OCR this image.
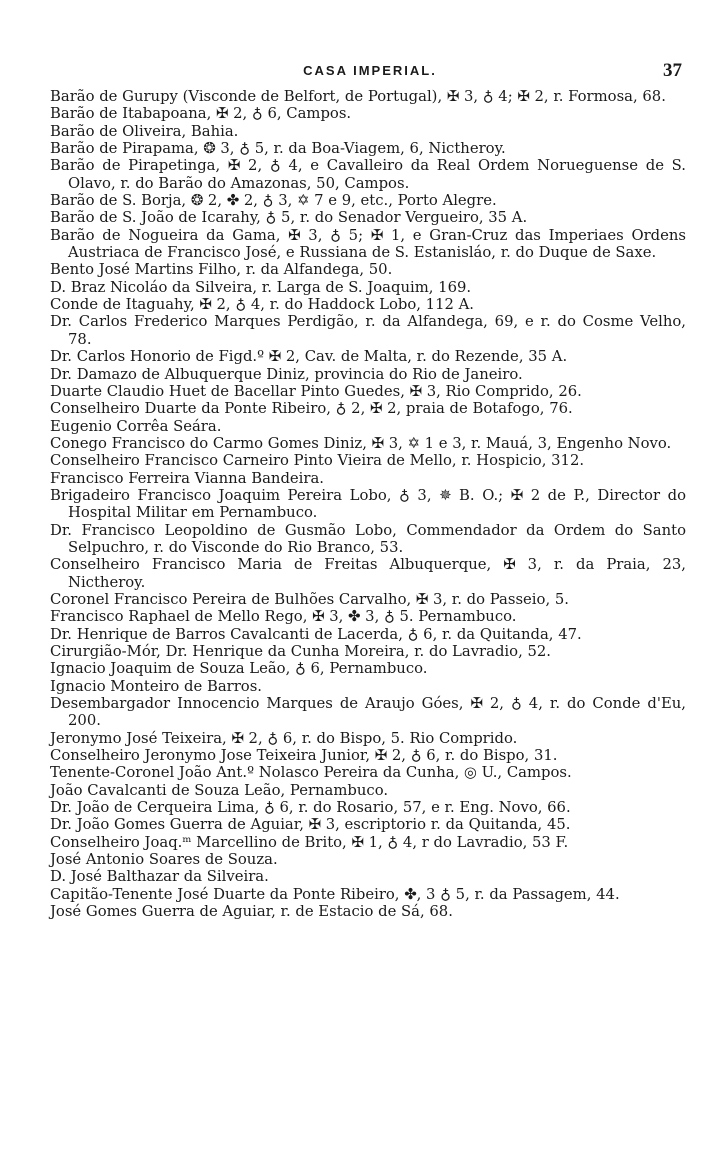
CASA IMPERIAL.	37
Barão de Gurupy (Visconde de Belfort, de Portugal), ✠ 3, ♁ 4; ✠ 2, r. Formosa, 68.
Barão de Itabapoana, ✠ 2, ♁ 6, Campos.
Barão de Oliveira, Bahia.
Barão de Pirapama, ❂ 3, ♁ 5, r. da Boa-Viagem, 6, Nictheroy.
Barão de Pirapetinga, ✠ 2, ♁ 4, e Cavalleiro da Real Ordem Norueguense de S. Olavo, r. do Barão do Amazonas, 50, Campos.
Barão de S. Borja, ❂ 2, ✤ 2, ♁ 3, ✡ 7 e 9, etc., Porto Alegre.
Barão de S. João de Icarahy, ♁ 5, r. do Senador Vergueiro, 35 A.
Barão de Nogueira da Gama, ✠ 3, ♁ 5; ✠ 1, e Gran-Cruz das Imperiaes Ordens Austriaca de Francisco José, e Russiana de S. Estanisláo, r. do Duque de Saxe.
Bento José Martins Filho, r. da Alfandega, 50.
D. Braz Nicoláo da Silveira, r. Larga de S. Joaquim, 169.
Conde de Itaguahy, ✠ 2, ♁ 4, r. do Haddock Lobo, 112 A.
Dr. Carlos Frederico Marques Perdigão, r. da Alfandega, 69, e r. do Cosme Velho, 78.
Dr. Carlos Honorio de Figd.º ✠ 2, Cav. de Malta, r. do Rezende, 35 A.
Dr. Damazo de Albuquerque Diniz, provincia do Rio de Janeiro.
Duarte Claudio Huet de Bacellar Pinto Guedes, ✠ 3, Rio Comprido, 26.
Conselheiro Duarte da Ponte Ribeiro, ♁ 2, ✠ 2, praia de Botafogo, 76.
Eugenio Corrêa Seára.
Conego Francisco do Carmo Gomes Diniz, ✠ 3, ✡ 1 e 3, r. Mauá, 3, Engenho Novo.
Conselheiro Francisco Carneiro Pinto Vieira de Mello, r. Hospicio, 312.
Francisco Ferreira Vianna Bandeira.
Brigadeiro Francisco Joaquim Pereira Lobo, ♁ 3, ✵ B. O.; ✠ 2 de P., Director do Hospital Militar em Pernambuco.
Dr. Francisco Leopoldino de Gusmão Lobo, Commendador da Ordem do Santo Selpuchro, r. do Visconde do Rio Branco, 53.
Conselheiro Francisco Maria de Freitas Albuquerque, ✠ 3, r. da Praia, 23, Nictheroy.
Coronel Francisco Pereira de Bulhões Carvalho, ✠ 3, r. do Passeio, 5.
Francisco Raphael de Mello Rego, ✠ 3, ✤ 3, ♁ 5. Pernambuco.
Dr. Henrique de Barros Cavalcanti de Lacerda, ♁ 6, r. da Quitanda, 47.
Cirurgião-Mór, Dr. Henrique da Cunha Moreira, r. do Lavradio, 52.
Ignacio Joaquim de Souza Leão, ♁ 6, Pernambuco.
Ignacio Monteiro de Barros.
Desembargador Innocencio Marques de Araujo Góes, ✠ 2, ♁ 4, r. do Conde d'Eu, 200.
Jeronymo José Teixeira, ✠ 2, ♁ 6, r. do Bispo, 5. Rio Comprido.
Conselheiro Jeronymo Jose Teixeira Junior, ✠ 2, ♁ 6, r. do Bispo, 31.
Tenente-Coronel João Ant.º Nolasco Pereira da Cunha, ◎ U., Campos.
João Cavalcanti de Souza Leão, Pernambuco.
Dr. João de Cerqueira Lima, ♁ 6, r. do Rosario, 57, e r. Eng. Novo, 66.
Dr. João Gomes Guerra de Aguiar, ✠ 3, escriptorio r. da Quitanda, 45.
Conselheiro Joaq.ᵐ Marcellino de Brito, ✠ 1, ♁ 4, r do Lavradio, 53 F.
José Antonio Soares de Souza.
D. José Balthazar da Silveira.
Capitão-Tenente José Duarte da Ponte Ribeiro, ✤, 3 ♁ 5, r. da Passagem, 44.
José Gomes Guerra de Aguiar, r. de Estacio de Sá, 68.
